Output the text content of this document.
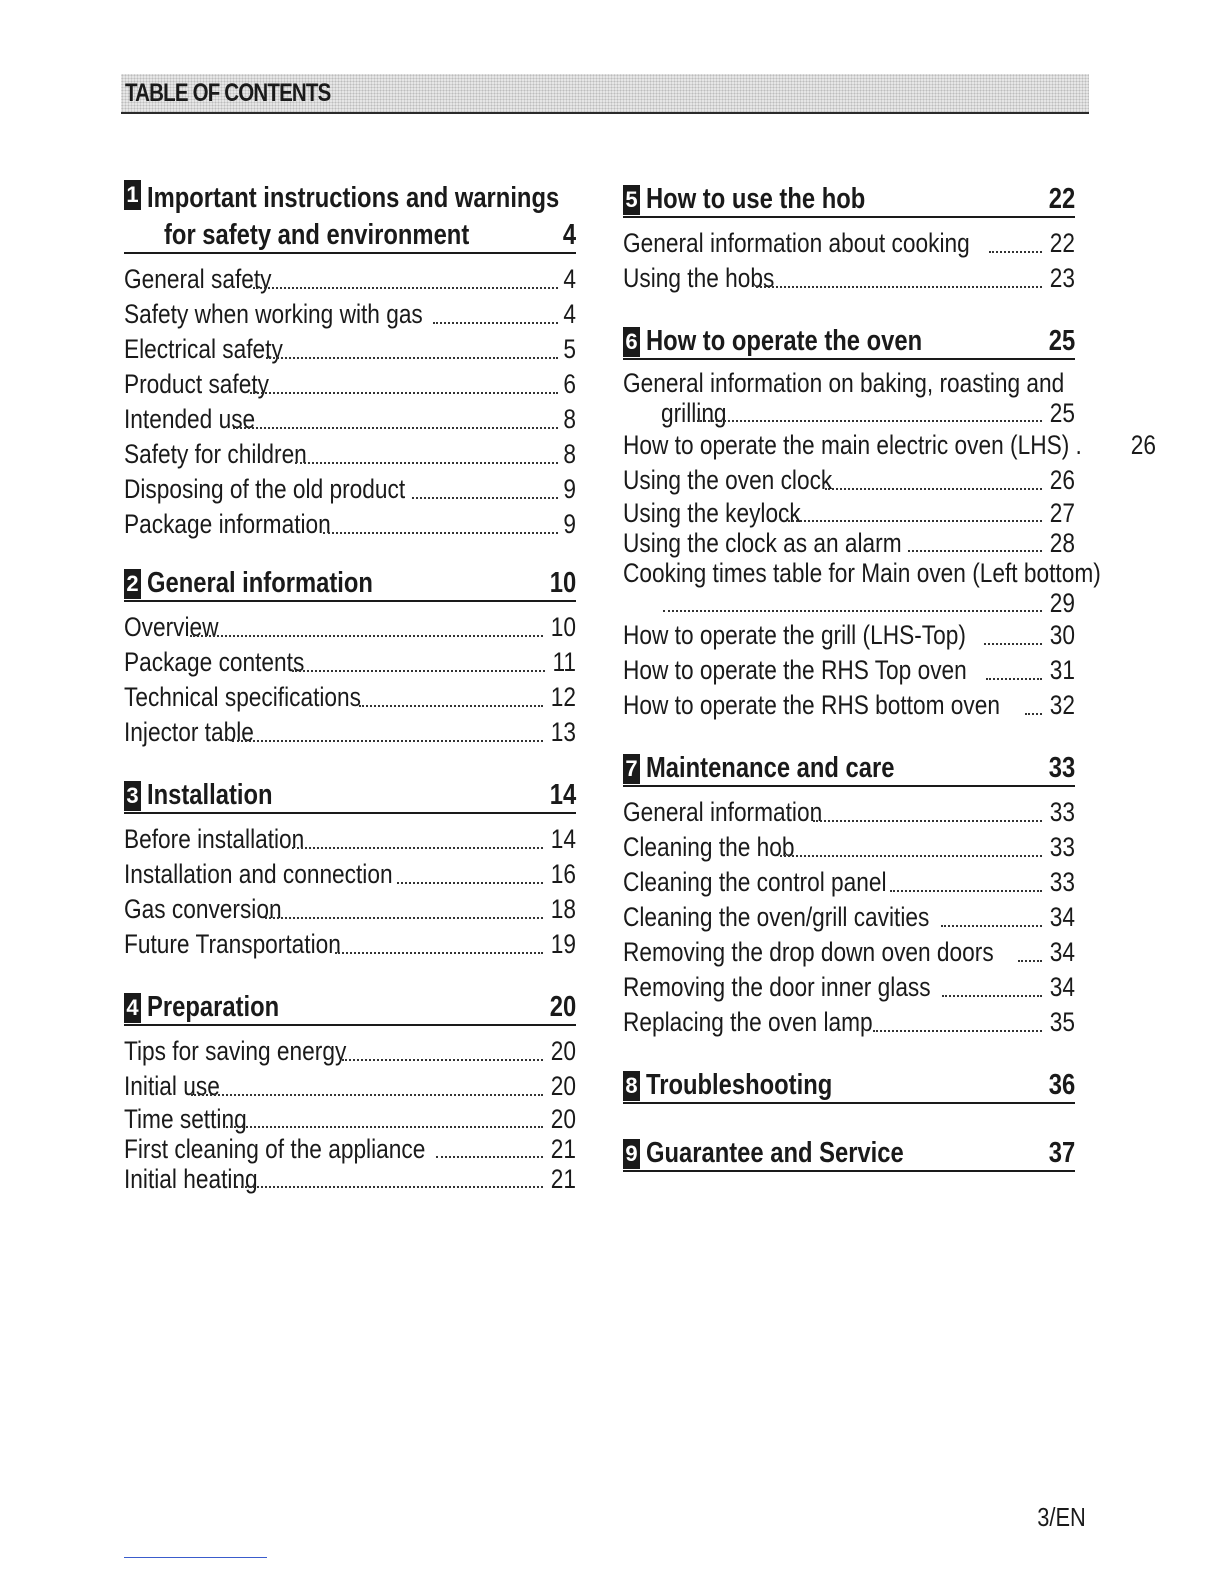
TABLE OF CONTENTS
1 Important instructions and warnings
for safety and environment	4
General safety	4
Safety when working with gas	4
Electrical safety	5
Product safety	6
Intended use	8
Safety for children	8
Disposing of the old product	9
Package information	9
2 General information	10
Overview	10
Package contents	11
Technical specifications	12
Injector table	13
3 Installation	14
Before installation	14
Installation and connection	16
Gas conversion	18
Future Transportation	19
4 Preparation	20
Tips for saving energy	20
Initial use	20
Time setting	20
First cleaning of the appliance	21
Initial heating	21
5 How to use the hob	22
General information about cooking	22
Using the hobs	23
6 How to operate the oven	25
General information on baking, roasting and
grilling	25
How to operate the main electric oven (LHS) . 26
Using the oven clock	26
Using the keylock	27
Using the clock as an alarm	28
Cooking times table for Main oven (Left bottom)
29
How to operate the grill (LHS-Top)	30
How to operate the RHS Top oven	31
How to operate the RHS bottom oven 32
7 Maintenance and care	33
General information	33
Cleaning the hob	33
Cleaning the control panel	33
Cleaning the oven/grill cavities	34
Removing the drop down oven doors 34
Removing the door inner glass	34
Replacing the oven lamp	35
8 Troubleshooting	36
9 Guarantee and Service	37
3/EN
